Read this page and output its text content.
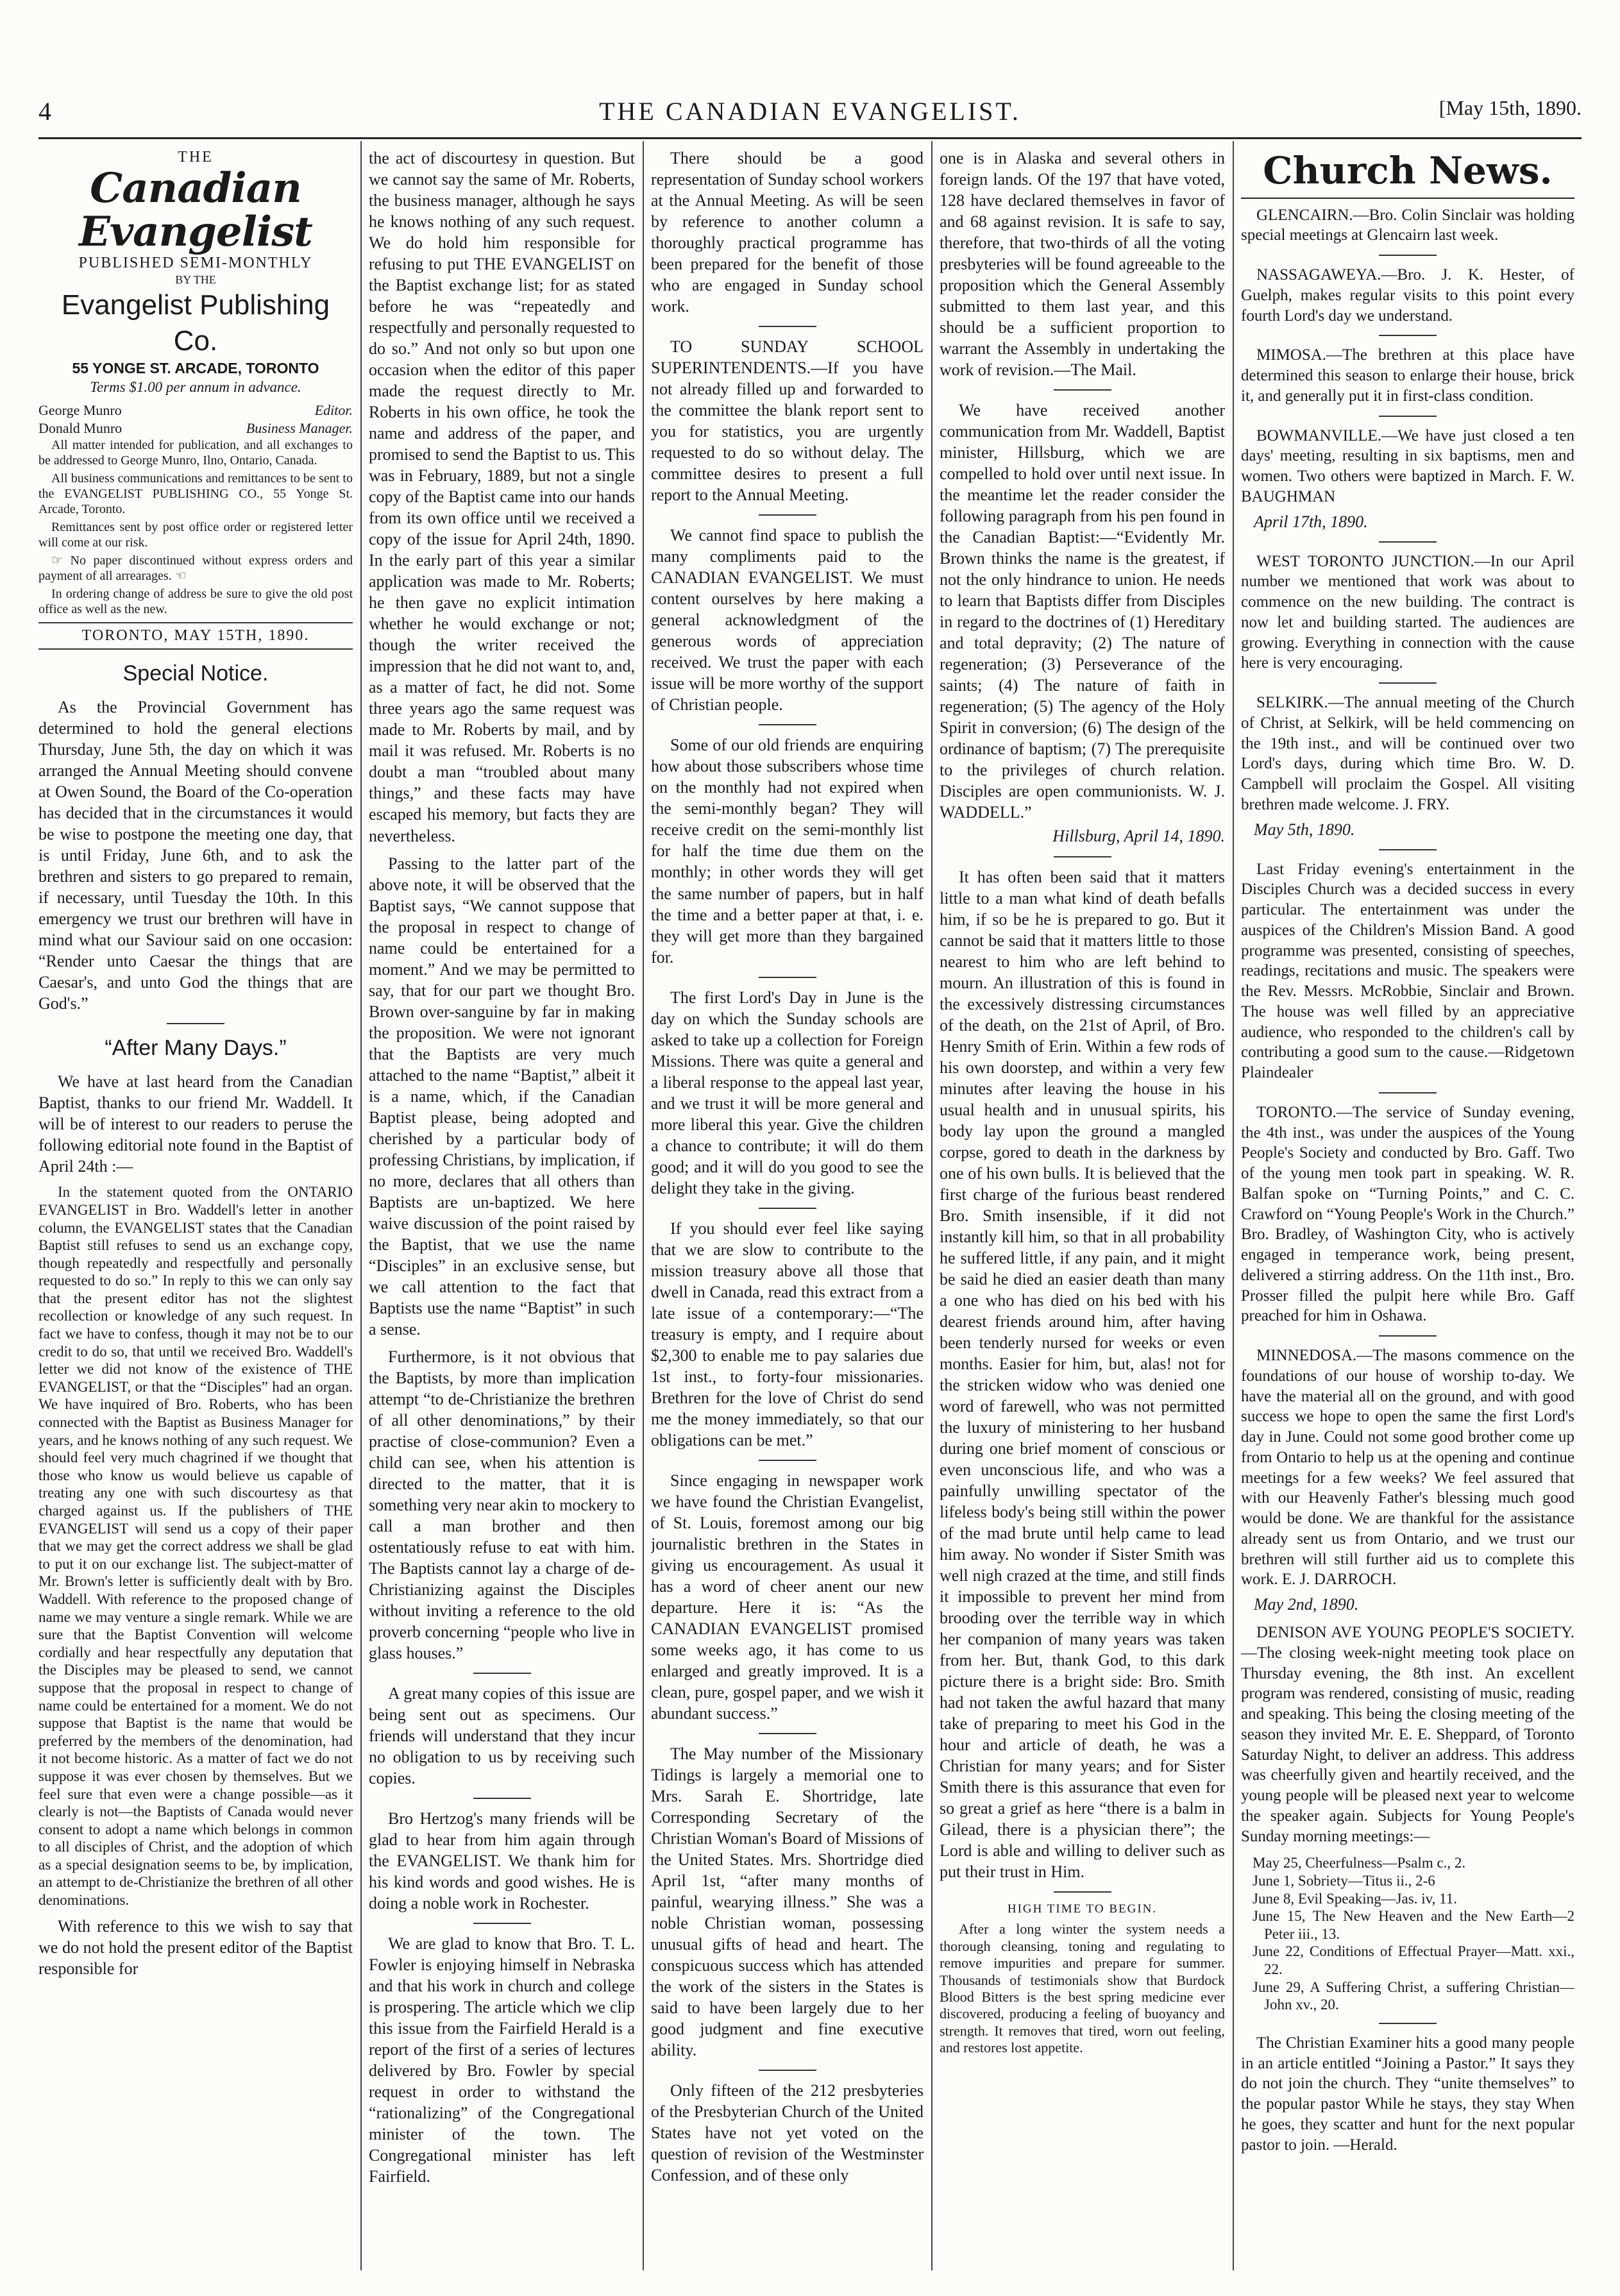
4	THE CANADIAN EVANGELIST.	[May 15th, 1890.
THE
Canadian Evangelist
PUBLISHED SEMI-MONTHLY
BY THE
Evangelist Publishing Co.
55 YONGE ST. ARCADE, TORONTO
Terms $1.00 per annum in advance.
George Munro	Editor.
Donald Munro	Business Manager.

All matter intended for publication, and all exchanges to be addressed to George Munro, Ilnо, Ontario, Canada.

All business communications and remittances to be sent to the EVANGELIST PUBLISHING CO., 55 Yonge St. Arcade, Toronto.

Remittances sent by post office order or registered letter will come at our risk.

☞ No paper discontinued without express orders and payment of all arrearages. ☜

In ordering change of address be sure to give the old post office as well as the new.

TORONTO, MAY 15TH, 1890.
Special Notice.

As the Provincial Government has determined to hold the general elections Thursday, June 5th, the day on which it was arranged the Annual Meeting should convene at Owen Sound, the Board of the Co-operation has decided that in the circumstances it would be wise to postpone the meeting one day, that is until Friday, June 6th, and to ask the brethren and sisters to go prepared to remain, if necessary, until Tuesday the 10th. In this emergency we trust our brethren will have in mind what our Saviour said on one occasion: “Render unto Caesar the things that are Caesar's, and unto God the things that are God's.”

“After Many Days.”

We have at last heard from the Canadian Baptist, thanks to our friend Mr. Waddell. It will be of interest to our readers to peruse the following editorial note found in the Baptist of April 24th :—

In the statement quoted from the ONTARIO EVANGELIST in Bro. Waddell's letter in another column, the EVANGELIST states that the Canadian Baptist still refuses to send us an exchange copy, though repeatedly and respectfully and personally requested to do so.” In reply to this we can only say that the present editor has not the slightest recollection or knowledge of any such request. In fact we have to confess, though it may not be to our credit to do so, that until we received Bro. Waddell's letter we did not know of the existence of THE EVANGELIST, or that the “Disciples” had an organ. We have inquired of Bro. Roberts, who has been connected with the Baptist as Business Manager for years, and he knows nothing of any such request. We should feel very much chagrined if we thought that those who know us would believe us capable of treating any one with such discourtesy as that charged against us. If the publishers of THE EVANGELIST will send us a copy of their paper that we may get the correct address we shall be glad to put it on our exchange list. The subject-matter of Mr. Brown's letter is sufficiently dealt with by Bro. Waddell. With reference to the proposed change of name we may venture a single remark. While we are sure that the Baptist Convention will welcome cordially and hear respectfully any deputation that the Disciples may be pleased to send, we cannot suppose that the proposal in respect to change of name could be entertained for a moment. We do not suppose that Baptist is the name that would be preferred by the members of the denomination, had it not become historic. As a matter of fact we do not suppose it was ever chosen by themselves. But we feel sure that even were a change possible—as it clearly is not—the Baptists of Canada would never consent to adopt a name which belongs in common to all disciples of Christ, and the adoption of which as a special designation seems to be, by implication, an attempt to de-Christianize the brethren of all other denominations.

With reference to this we wish to say that we do not hold the present editor of the Baptist responsible for

the act of discourtesy in question. But we cannot say the same of Mr. Roberts, the business manager, although he says he knows nothing of any such request. We do hold him responsible for refusing to put THE EVANGELIST on the Baptist exchange list; for as stated before he was “repeatedly and respectfully and personally requested to do so.” And not only so but upon one occasion when the editor of this paper made the request directly to Mr. Roberts in his own office, he took the name and address of the paper, and promised to send the Baptist to us. This was in February, 1889, but not a single copy of the Baptist came into our hands from its own office until we received a copy of the issue for April 24th, 1890. In the early part of this year a similar application was made to Mr. Roberts; he then gave no explicit intimation whether he would exchange or not; though the writer received the impression that he did not want to, and, as a matter of fact, he did not. Some three years ago the same request was made to Mr. Roberts by mail, and by mail it was refused. Mr. Roberts is no doubt a man “troubled about many things,” and these facts may have escaped his memory, but facts they are nevertheless.

Passing to the latter part of the above note, it will be observed that the Baptist says, “We cannot suppose that the proposal in respect to change of name could be entertained for a moment.” And we may be permitted to say, that for our part we thought Bro. Brown over-sanguine by far in making the proposition. We were not ignorant that the Baptists are very much attached to the name “Baptist,” albeit it is a name, which, if the Canadian Baptist please, being adopted and cherished by a particular body of professing Christians, by implication, if no more, declares that all others than Baptists are un-baptized. We here waive discussion of the point raised by the Baptist, that we use the name “Disciples” in an exclusive sense, but we call attention to the fact that Baptists use the name “Baptist” in such a sense.

Furthermore, is it not obvious that the Baptists, by more than implication attempt “to de-Christianize the brethren of all other denominations,” by their practise of close-communion? Even a child can see, when his attention is directed to the matter, that it is something very near akin to mockery to call a man brother and then ostentatiously refuse to eat with him. The Baptists cannot lay a charge of de-Christianizing against the Disciples without inviting a reference to the old proverb concerning “people who live in glass houses.”

A great many copies of this issue are being sent out as specimens. Our friends will understand that they incur no obligation to us by receiving such copies.

Bro Hertzog's many friends will be glad to hear from him again through the EVANGELIST. We thank him for his kind words and good wishes. He is doing a noble work in Rochester.

We are glad to know that Bro. T. L. Fowler is enjoying himself in Nebraska and that his work in church and college is prospering. The article which we clip this issue from the Fairfield Herald is a report of the first of a series of lectures delivered by Bro. Fowler by special request in order to withstand the “rationalizing” of the Congregational minister of the town. The Congregational minister has left Fairfield.

There should be a good representation of Sunday school workers at the Annual Meeting. As will be seen by reference to another column a thoroughly practical programme has been prepared for the benefit of those who are engaged in Sunday school work.

TO SUNDAY SCHOOL SUPERINTENDENTS.—If you have not already filled up and forwarded to the committee the blank report sent to you for statistics, you are urgently requested to do so without delay. The committee desires to present a full report to the Annual Meeting.

We cannot find space to publish the many compliments paid to the CANADIAN EVANGELIST. We must content ourselves by here making a general acknowledgment of the generous words of appreciation received. We trust the paper with each issue will be more worthy of the support of Christian people.

Some of our old friends are enquiring how about those subscribers whose time on the monthly had not expired when the semi-monthly began? They will receive credit on the semi-monthly list for half the time due them on the monthly; in other words they will get the same number of papers, but in half the time and a better paper at that, i. e. they will get more than they bargained for.

The first Lord's Day in June is the day on which the Sunday schools are asked to take up a collection for Foreign Missions. There was quite a general and a liberal response to the appeal last year, and we trust it will be more general and more liberal this year. Give the children a chance to contribute; it will do them good; and it will do you good to see the delight they take in the giving.

If you should ever feel like saying that we are slow to contribute to the mission treasury above all those that dwell in Canada, read this extract from a late issue of a contemporary:—“The treasury is empty, and I require about $2,300 to enable me to pay salaries due 1st inst., to forty-four missionaries. Brethren for the love of Christ do send me the money immediately, so that our obligations can be met.”

Since engaging in newspaper work we have found the Christian Evangelist, of St. Louis, foremost among our big journalistic brethren in the States in giving us encouragement. As usual it has a word of cheer anent our new departure. Here it is: “As the CANADIAN EVANGELIST promised some weeks ago, it has come to us enlarged and greatly improved. It is a clean, pure, gospel paper, and we wish it abundant success.”

The May number of the Missionary Tidings is largely a memorial one to Mrs. Sarah E. Shortridge, late Corresponding Secretary of the Christian Woman's Board of Missions of the United States. Mrs. Shortridge died April 1st, “after many months of painful, wearying illness.” She was a noble Christian woman, possessing unusual gifts of head and heart. The conspicuous success which has attended the work of the sisters in the States is said to have been largely due to her good judgment and fine executive ability.

Only fifteen of the 212 presbyteries of the Presbyterian Church of the United States have not yet voted on the question of revision of the Westminster Confession, and of these only

one is in Alaska and several others in foreign lands. Of the 197 that have voted, 128 have declared themselves in favor of and 68 against revision. It is safe to say, therefore, that two-thirds of all the voting presbyteries will be found agreeable to the proposition which the General Assembly submitted to them last year, and this should be a sufficient proportion to warrant the Assembly in undertaking the work of revision.—The Mail.

We have received another communication from Mr. Waddell, Baptist minister, Hillsburg, which we are compelled to hold over until next issue. In the meantime let the reader consider the following paragraph from his pen found in the Canadian Baptist:—“Evidently Mr. Brown thinks the name is the greatest, if not the only hindrance to union. He needs to learn that Baptists differ from Disciples in regard to the doctrines of (1) Hereditary and total depravity; (2) The nature of regeneration; (3) Perseverance of the saints; (4) The nature of faith in regeneration; (5) The agency of the Holy Spirit in conversion; (6) The design of the ordinance of baptism; (7) The prerequisite to the privileges of church relation. Disciples are open communionists. W. J. WADDELL.”

Hillsburg, April 14, 1890.

It has often been said that it matters little to a man what kind of death befalls him, if so be he is prepared to go. But it cannot be said that it matters little to those nearest to him who are left behind to mourn. An illustration of this is found in the excessively distressing circumstances of the death, on the 21st of April, of Bro. Henry Smith of Erin. Within a few rods of his own doorstep, and within a very few minutes after leaving the house in his usual health and in unusual spirits, his body lay upon the ground a mangled corpse, gored to death in the darkness by one of his own bulls. It is believed that the first charge of the furious beast rendered Bro. Smith insensible, if it did not instantly kill him, so that in all probability he suffered little, if any pain, and it might be said he died an easier death than many a one who has died on his bed with his dearest friends around him, after having been tenderly nursed for weeks or even months. Easier for him, but, alas! not for the stricken widow who was denied one word of farewell, who was not permitted the luxury of ministering to her husband during one brief moment of conscious or even unconscious life, and who was a painfully unwilling spectator of the lifeless body's being still within the power of the mad brute until help came to lead him away. No wonder if Sister Smith was well nigh crazed at the time, and still finds it impossible to prevent her mind from brooding over the terrible way in which her companion of many years was taken from her. But, thank God, to this dark picture there is a bright side: Bro. Smith had not taken the awful hazard that many take of preparing to meet his God in the hour and article of death, he was a Christian for many years; and for Sister Smith there is this assurance that even for so great a grief as here “there is a balm in Gilead, there is a physician there”; the Lord is able and willing to deliver such as put their trust in Him.

HIGH TIME TO BEGIN.

After a long winter the system needs a thorough cleansing, toning and regulating to remove impurities and prepare for summer. Thousands of testimonials show that Burdock Blood Bitters is the best spring medicine ever discovered, producing a feeling of buoyancy and strength. It removes that tired, worn out feeling, and restores lost appetite.

Church News.

GLENCAIRN.—Bro. Colin Sinclair was holding special meetings at Glencairn last week.

NASSAGAWEYA.—Bro. J. K. Hester, of Guelph, makes regular visits to this point every fourth Lord's day we understand.

MIMOSA.—The brethren at this place have determined this season to enlarge their house, brick it, and generally put it in first-class condition.

BOWMANVILLE.—We have just closed a ten days' meeting, resulting in six baptisms, men and women. Two others were baptized in March. F. W. BAUGHMAN

April 17th, 1890.

WEST TORONTO JUNCTION.—In our April number we mentioned that work was about to commence on the new building. The contract is now let and building started. The audiences are growing. Everything in connection with the cause here is very encouraging.

SELKIRK.—The annual meeting of the Church of Christ, at Selkirk, will be held commencing on the 19th inst., and will be continued over two Lord's days, during which time Bro. W. D. Campbell will proclaim the Gospel. All visiting brethren made welcome. J. FRY.

May 5th, 1890.

Last Friday evening's entertainment in the Disciples Church was a decided success in every particular. The entertainment was under the auspices of the Children's Mission Band. A good programme was presented, consisting of speeches, readings, recitations and music. The speakers were the Rev. Messrs. McRobbie, Sinclair and Brown. The house was well filled by an appreciative audience, who responded to the children's call by contributing a good sum to the cause.—Ridgetown Plaindealer

TORONTO.—The service of Sunday evening, the 4th inst., was under the auspices of the Young People's Society and conducted by Bro. Gaff. Two of the young men took part in speaking. W. R. Balfan spoke on “Turning Points,” and C. C. Crawford on “Young People's Work in the Church.” Bro. Bradley, of Washington City, who is actively engaged in temperance work, being present, delivered a stirring address. On the 11th inst., Bro. Prosser filled the pulpit here while Bro. Gaff preached for him in Oshawa.

MINNEDOSA.—The masons commence on the foundations of our house of worship to-day. We have the material all on the ground, and with good success we hope to open the same the first Lord's day in June. Could not some good brother come up from Ontario to help us at the opening and continue meetings for a few weeks? We feel assured that with our Heavenly Father's blessing much good would be done. We are thankful for the assistance already sent us from Ontario, and we trust our brethren will still further aid us to complete this work. E. J. DARROCH.

May 2nd, 1890.

DENISON AVE YOUNG PEOPLE'S SOCIETY.—The closing week-night meeting took place on Thursday evening, the 8th inst. An excellent program was rendered, consisting of music, reading and speaking. This being the closing meeting of the season they invited Mr. E. E. Sheppard, of Toronto Saturday Night, to deliver an address. This address was cheerfully given and heartily received, and the young people will be pleased next year to welcome the speaker again. Subjects for Young People's Sunday morning meetings:—

May 25, Cheerfulness—Psalm c., 2.
June 1, Sobriety—Titus ii., 2-6
June 8, Evil Speaking—Jas. iv, 11.
June 15, The New Heaven and the New Earth—2 Peter iii., 13.
June 22, Conditions of Effectual Prayer—Matt. xxi., 22.
June 29, A Suffering Christ, a suffering Christian—John xv., 20.

The Christian Examiner hits a good many people in an article entitled “Joining a Pastor.” It says they do not join the church. They “unite themselves” to the popular pastor While he stays, they stay When he goes, they scatter and hunt for the next popular pastor to join. —Herald.
